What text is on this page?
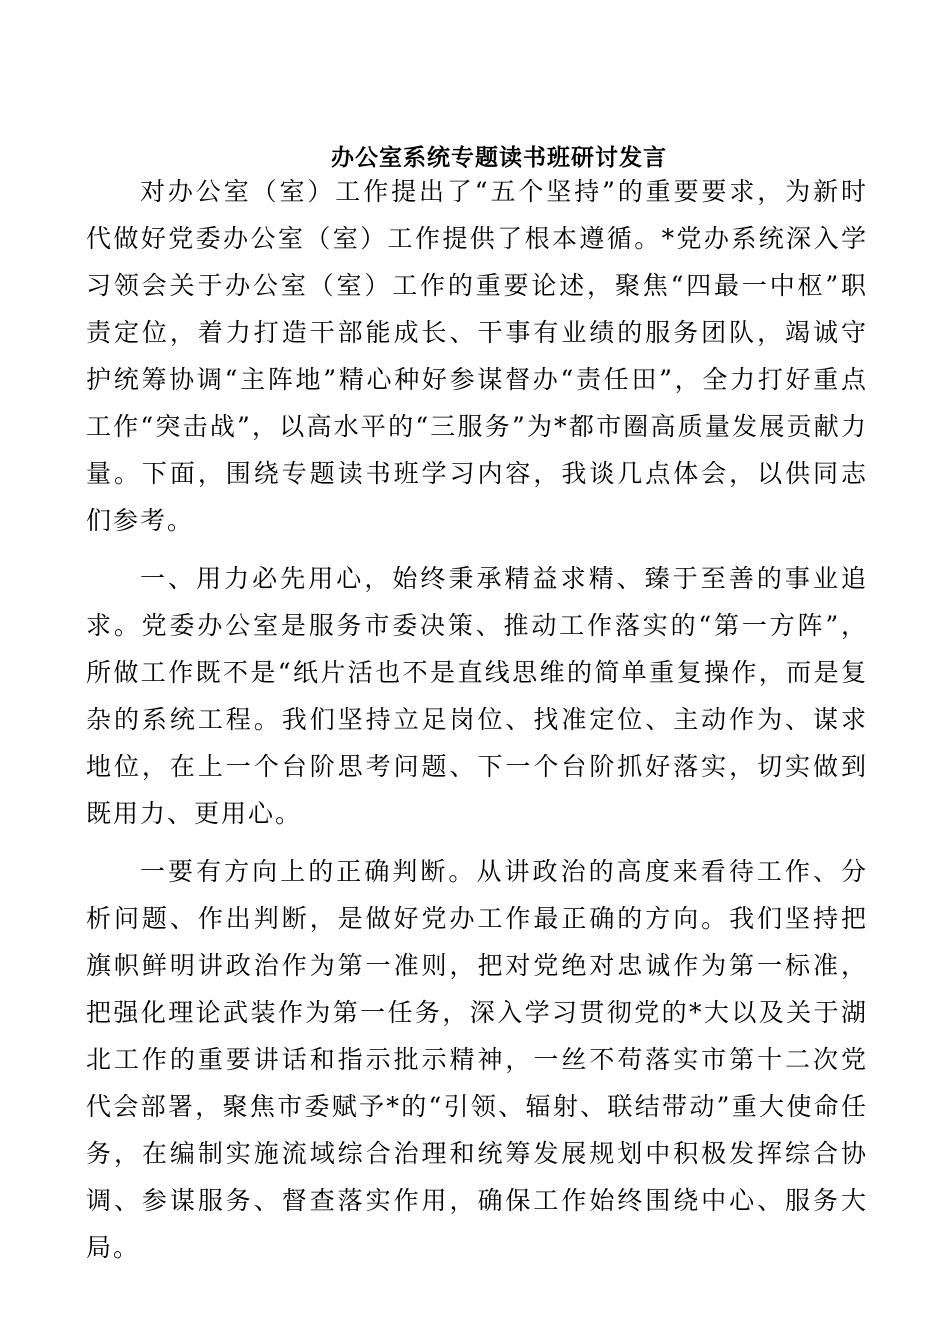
办公室系统专题读书班研讨发言

对办公室（室）工作提出了“五个坚持”的重要要求，为新时代做好党委办公室（室）工作提供了根本遵循。*党办系统深入学习领会关于办公室（室）工作的重要论述，聚焦“四最一中枢”职责定位，着力打造干部能成长、干事有业绩的服务团队，竭诚守护统筹协调“主阵地”精心种好参谋督办“责任田”，全力打好重点工作“突击战”，以高水平的“三服务”为*都市圈高质量发展贡献力量。下面，围绕专题读书班学习内容，我谈几点体会，以供同志们参考。

一、用力必先用心，始终秉承精益求精、臻于至善的事业追求。党委办公室是服务市委决策、推动工作落实的“第一方阵”，所做工作既不是“纸片活也不是直线思维的简单重复操作，而是复杂的系统工程。我们坚持立足岗位、找准定位、主动作为、谋求地位，在上一个台阶思考问题、下一个台阶抓好落实，切实做到既用力、更用心。

一要有方向上的正确判断。从讲政治的高度来看待工作、分析问题、作出判断，是做好党办工作最正确的方向。我们坚持把旗帜鲜明讲政治作为第一准则，把对党绝对忠诚作为第一标准，把强化理论武装作为第一任务，深入学习贯彻党的*大以及关于湖北工作的重要讲话和指示批示精神，一丝不苟落实市第十二次党代会部署，聚焦市委赋予*的“引领、辐射、联结带动”重大使命任务，在编制实施流域综合治理和统筹发展规划中积极发挥综合协调、参谋服务、督查落实作用，确保工作始终围绕中心、服务大局。
